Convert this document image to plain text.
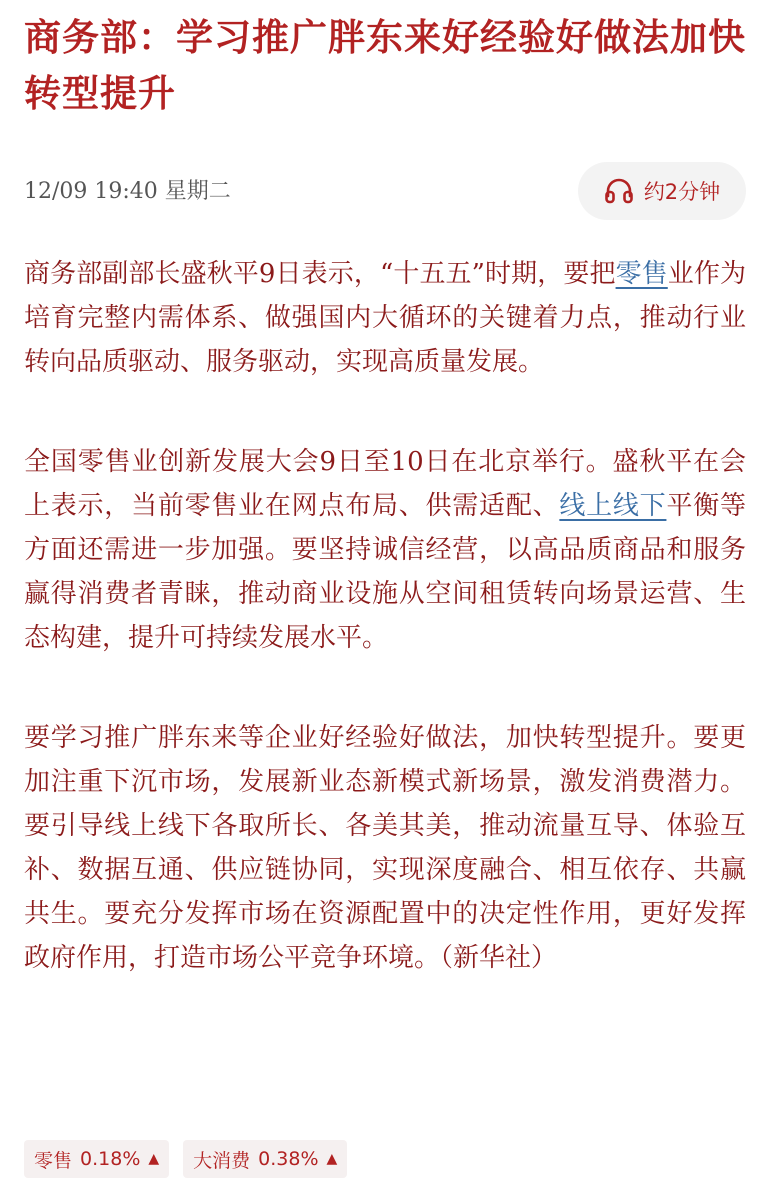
商务部：学习推广胖东来好经验好做法加快转型提升
12/09 19:40 星期二	约2分钟

商务部副部长盛秋平9日表示，“十五五”时期，要把零售业作为培育完整内需体系、做强国内大循环的关键着力点，推动行业转向品质驱动、服务驱动，实现高质量发展。

全国零售业创新发展大会9日至10日在北京举行。盛秋平在会上表示，当前零售业在网点布局、供需适配、线上线下平衡等方面还需进一步加强。要坚持诚信经营，以高品质商品和服务赢得消费者青睐，推动商业设施从空间租赁转向场景运营、生态构建，提升可持续发展水平。

要学习推广胖东来等企业好经验好做法，加快转型提升。要更加注重下沉市场，发展新业态新模式新场景，激发消费潜力。要引导线上线下各取所长、各美其美，推动流量互导、体验互补、数据互通、供应链协同，实现深度融合、相互依存、共赢共生。要充分发挥市场在资源配置中的决定性作用，更好发挥政府作用，打造市场公平竞争环境。（新华社）

零售 0.18% ▲ 大消费 0.38% ▲
